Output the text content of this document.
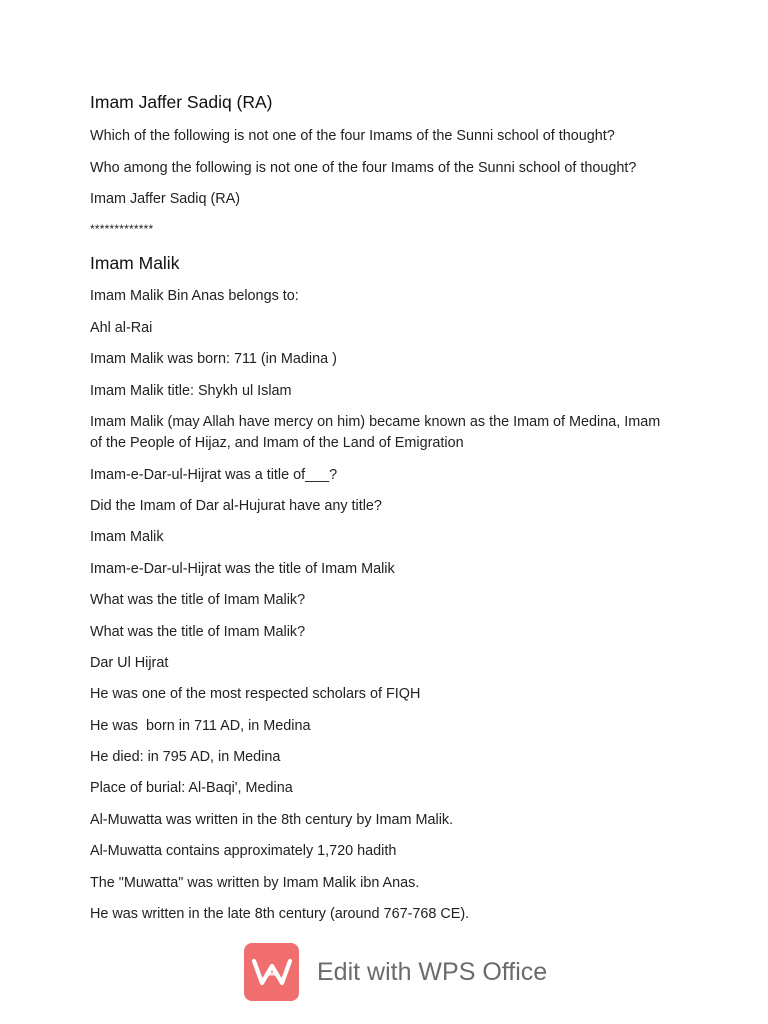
Imam Jaffer Sadiq (RA)

Which of the following is not one of the four Imams of the Sunni school of thought?

Who among the following is not one of the four Imams of the Sunni school of thought?

Imam Jaffer Sadiq (RA)

*************

Imam Malik

Imam Malik Bin Anas belongs to:

Ahl al-Rai

Imam Malik was born: 711 (in Madina )

Imam Malik title: Shykh ul Islam

Imam Malik (may Allah have mercy on him) became known as the Imam of Medina, Imam of the People of Hijaz, and Imam of the Land of Emigration

Imam-e-Dar-ul-Hijrat was a title of___?

Did the Imam of Dar al-Hujurat have any title?

Imam Malik

Imam-e-Dar-ul-Hijrat was the title of Imam Malik

What was the title of Imam Malik?

What was the title of Imam Malik?

Dar Ul Hijrat

He was one of the most respected scholars of FIQH

He was  born in 711 AD, in Medina

He died: in 795 AD, in Medina

Place of burial: Al-Baqi', Medina

Al-Muwatta was written in the 8th century by Imam Malik.

Al-Muwatta contains approximately 1,720 hadith

The "Muwatta" was written by Imam Malik ibn Anas.

He was written in the late 8th century (around 767-768 CE).

Edit with WPS Office
